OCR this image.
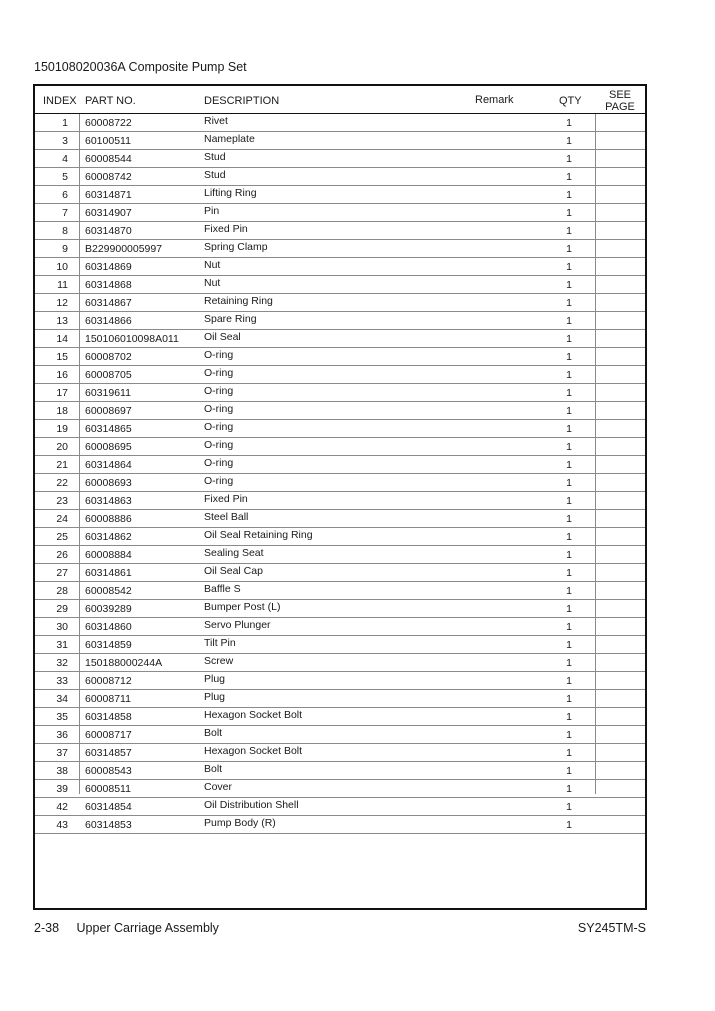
150108020036A Composite Pump Set
INDEX PART NO.	DESCRIPTION	Remark	QTY	SEE
PAGE
1 60008722	Rivet	1
3 60100511	Nameplate	1
4 60008544	Stud	1
5 60008742	Stud	1
6 60314871	Lifting Ring	1
7 60314907	Pin	1
8 60314870	Fixed Pin	1
9 B229900005997	Spring Clamp	1
10 60314869	Nut	1
11 60314868	Nut	1
12 60314867	Retaining Ring	1
13 60314866	Spare Ring	1
14 150106010098A011 Oil Seal	1
15 60008702	O-ring	1
16 60008705	O-ring	1
17 60319611	O-ring	1
18 60008697	O-ring	1
19 60314865	O-ring	1
20 60008695	O-ring	1
21 60314864	O-ring	1
22 60008693	O-ring	1
23 60314863	Fixed Pin	1
24 60008886	Steel Ball	1
25 60314862	Oil Seal Retaining Ring	1
26 60008884	Sealing Seat	1
27 60314861	Oil Seal Cap	1
28 60008542	Baffle S	1
29 60039289	Bumper Post (L)	1
30 60314860	Servo Plunger	1
31 60314859	Tilt Pin	1
32 150188000244A	Screw	1
33 60008712	Plug	1
34 60008711	Plug	1
35 60314858	Hexagon Socket Bolt	1
36 60008717	Bolt	1
37 60314857	Hexagon Socket Bolt	1
38 60008543	Bolt	1
39 60008511	Cover	1
42 60314854	Oil Distribution Shell	1
43 60314853	Pump Body (R)	1
2-38 Upper Carriage Assembly	SY245TM-S
